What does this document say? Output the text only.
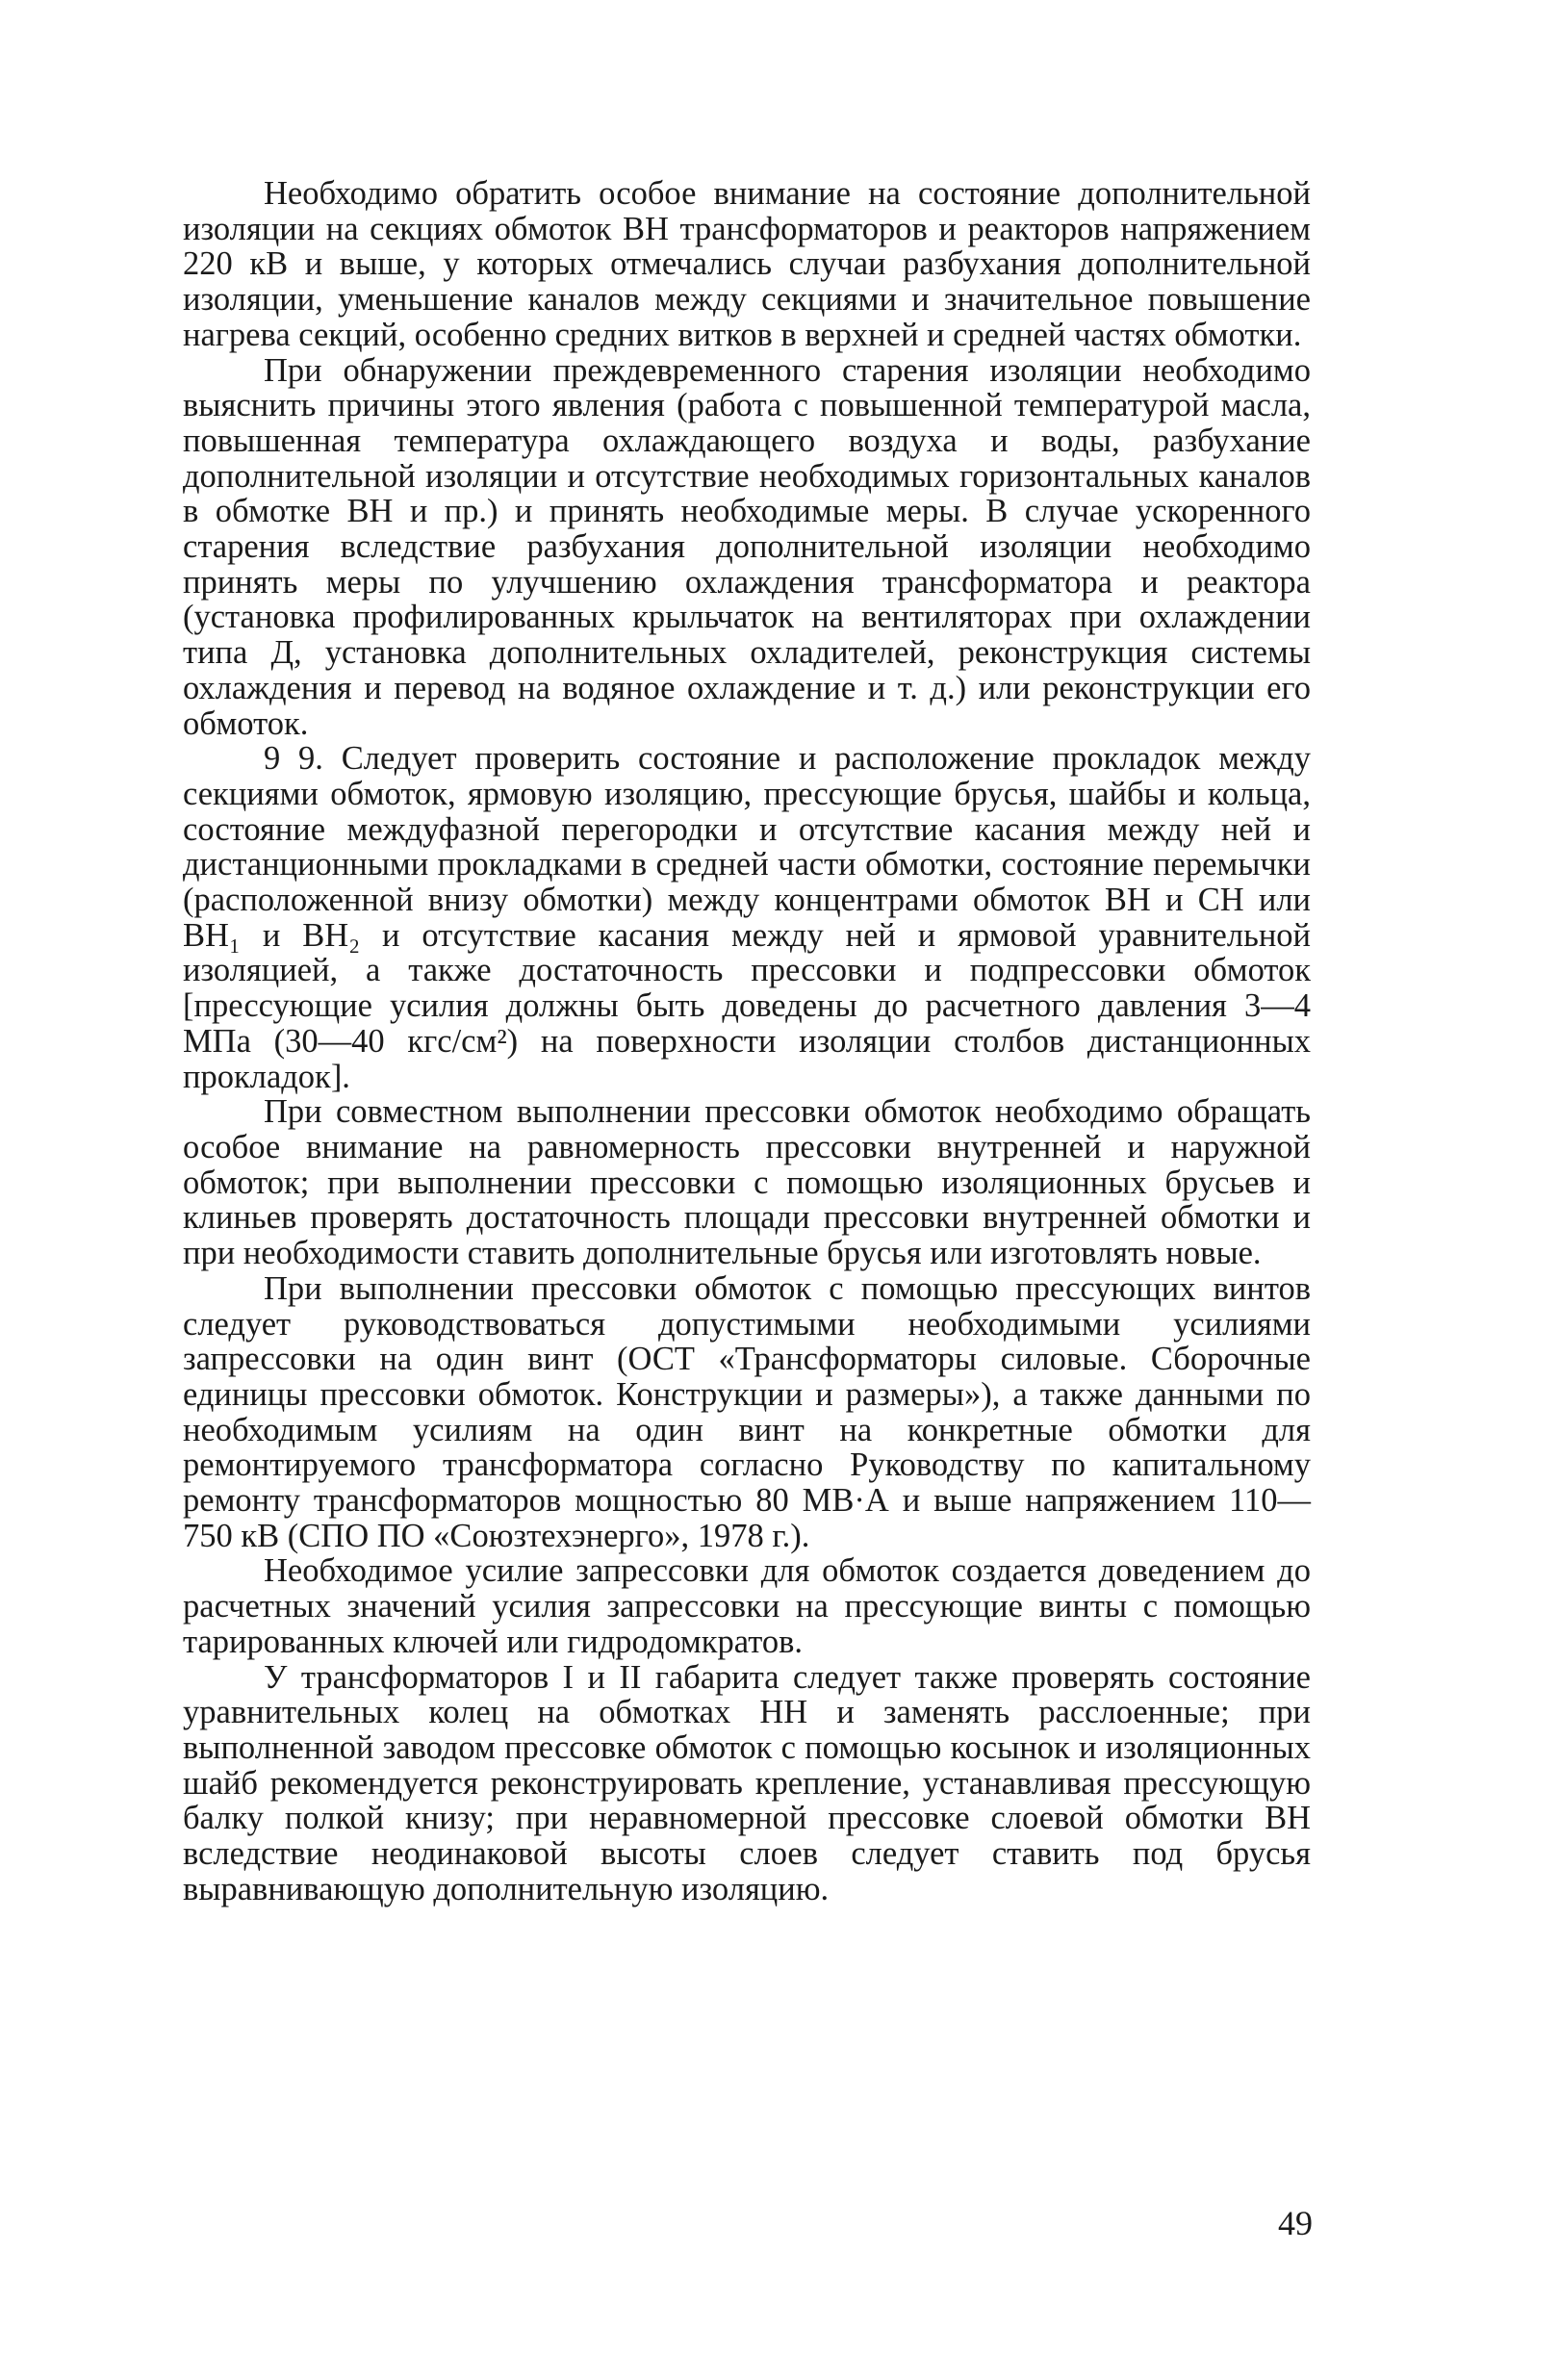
Необходимо обратить особое внимание на состояние дополнительной изоляции на секциях обмоток ВН трансформаторов и реакторов напряжением 220 кВ и выше, у которых отмечались случаи разбухания дополнительной изоляции, уменьшение каналов между секциями и значительное повышение нагрева секций, особенно средних витков в верхней и средней частях обмотки.

При обнаружении преждевременного старения изоляции необходимо выяснить причины этого явления (работа с повышенной температурой масла, повышенная температура охлаждающего воздуха и воды, разбухание дополнительной изоляции и отсутствие необходимых горизонтальных каналов в обмотке ВН и пр.) и принять необходимые меры. В случае ускоренного старения вследствие разбухания дополнительной изоляции необходимо принять меры по улучшению охлаждения трансформатора и реактора (установка профилированных крыльчаток на вентиляторах при охлаждении типа Д, установка дополнительных охладителей, реконструкция системы охлаждения и перевод на водяное охлаждение и т. д.) или реконструкции его обмоток.

9 9. Следует проверить состояние и расположение прокладок между секциями обмоток, ярмовую изоляцию, прессующие брусья, шайбы и кольца, состояние междуфазной перегородки и отсутствие касания между ней и дистанционными прокладками в средней части обмотки, состояние перемычки (расположенной внизу обмотки) между концентрами обмоток ВН и СН или ВН₁ и ВН₂ и отсутствие касания между ней и ярмовой уравнительной изоляцией, а также достаточность прессовки и подпрессовки обмоток [прессующие усилия должны быть доведены до расчетного давления 3—4 МПа (30—40 кгс/см²) на поверхности изоляции столбов дистанционных прокладок].

При совместном выполнении прессовки обмоток необходимо обращать особое внимание на равномерность прессовки внутренней и наружной обмоток; при выполнении прессовки с помощью изоляционных брусьев и клиньев проверять достаточность площади прессовки внутренней обмотки и при необходимости ставить дополнительные брусья или изготовлять новые.

При выполнении прессовки обмоток с помощью прессующих винтов следует руководствоваться допустимыми необходимыми усилиями запрессовки на один винт (ОСТ «Трансформаторы силовые. Сборочные единицы прессовки обмоток. Конструкции и размеры»), а также данными по необходимым усилиям на один винт на конкретные обмотки для ремонтируемого трансформатора согласно Руководству по капитальному ремонту трансформаторов мощностью 80 МВ·А и выше напряжением 110—750 кВ (СПО ПО «Союзтехэнерго», 1978 г.).

Необходимое усилие запрессовки для обмоток создается доведением до расчетных значений усилия запрессовки на прессующие винты с помощью тарированных ключей или гидродомкратов.

У трансформаторов I и II габарита следует также проверять состояние уравнительных колец на обмотках НН и заменять расслоенные; при выполненной заводом прессовке обмоток с помощью косынок и изоляционных шайб рекомендуется реконструировать крепление, устанавливая прессующую балку полкой книзу; при неравномерной прессовке слоевой обмотки ВН вследствие неодинаковой высоты слоев следует ставить под брусья выравнивающую дополнительную изоляцию.

49
